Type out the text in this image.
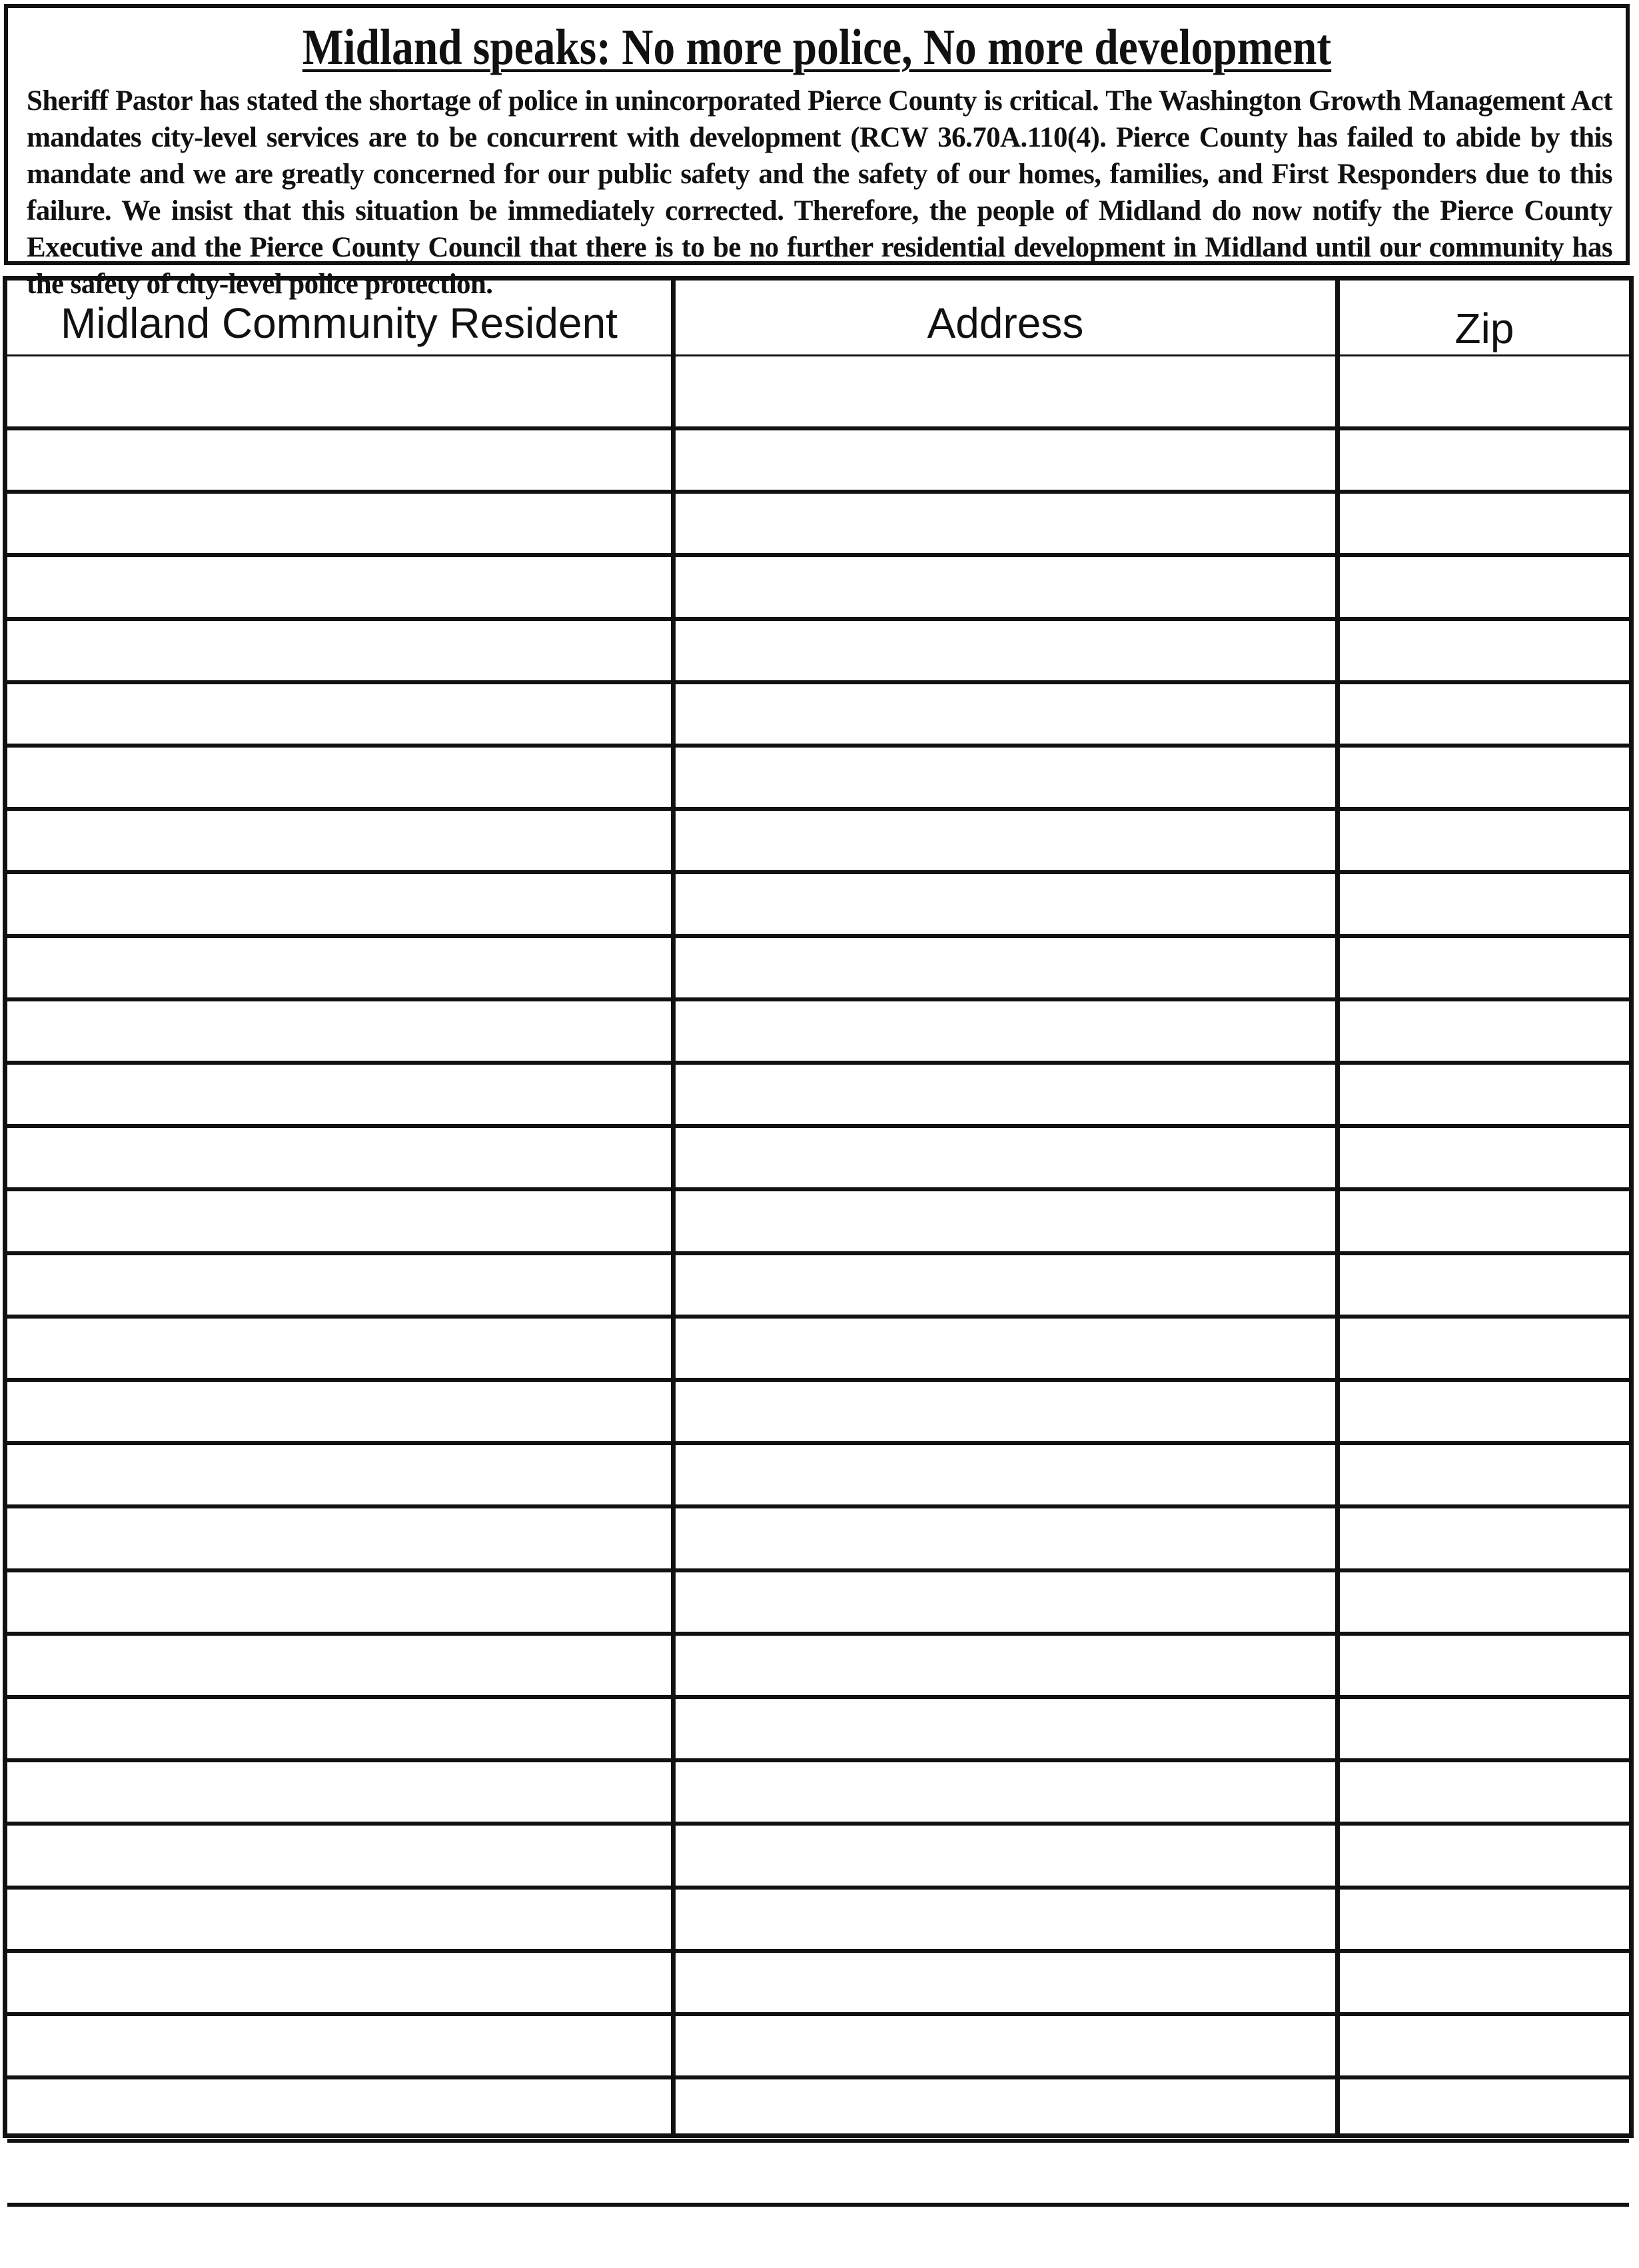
Midland speaks: No more police, No more development

Sheriff Pastor has stated the shortage of police in unincorporated Pierce County is critical. The Washington Growth Management Act mandates city-level services are to be concurrent with development (RCW 36.70A.110(4). Pierce County has failed to abide by this mandate and we are greatly concerned for our public safety and the safety of our homes, families, and First Responders due to this failure. We insist that this situation be immediately corrected. Therefore, the people of Midland do now notify the Pierce County Executive and the Pierce County Council that there is to be no further residential development in Midland until our community has the safety of city-level police protection.

Midland Community Resident	Address	Zip
